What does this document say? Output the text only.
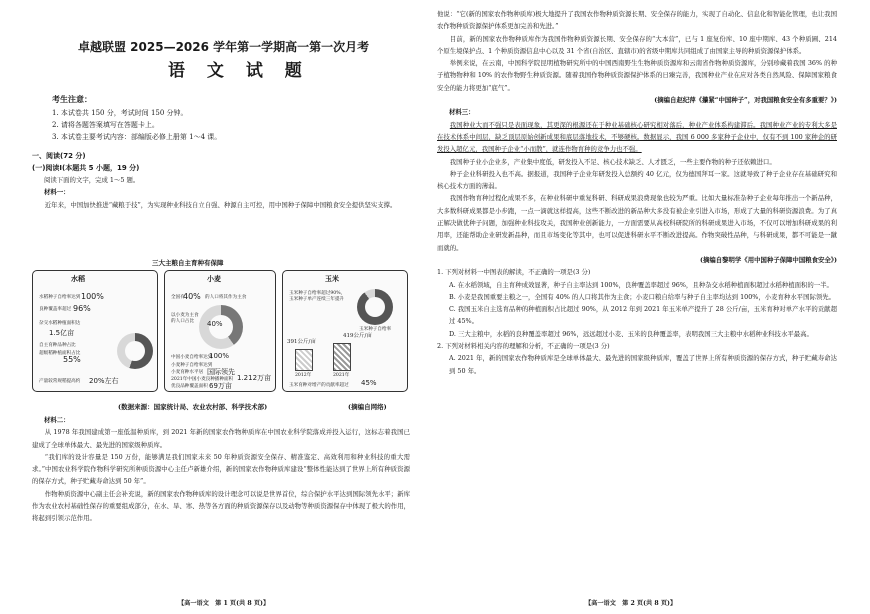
卓越联盟 2025—2026 学年第一学期高一第一次月考
语 文 试 题
考生注意：
1. 本试卷共 150 分，考试时间 150 分钟。
2. 请将各题答案填写在答题卡上。
3. 本试卷主要考试内容：部编版必修上册第 1～4 课。
一、阅读(72 分)
(一)阅读Ⅰ(本题共 5 小题，19 分)
阅读下面的文字，完成 1～5 题。
材料一：

近年来，中国加快推进“藏粮于技”，为实现种业科技自立自强、种源自主可控，用中国种子保障中国粮食安全提供坚实支撑。

三大主粮自主育种有保障
水稻
水稻种子自给率达到 100%
良种覆盖率超过 96%
杂交水稻种植面积达
1.5亿亩
自主育种品种占比
超级稻种植面积占比
55%
产量较常规稻提高约 20%左右
小麦
全国有
40% 的人口将其作为主食
以小麦为主食的人口占比	40%
中国小麦自给率达到
100%
小麦种子自给率达到
小麦育种水平居 国际领先
2021年中国小麦良种播种面积 1.212万亩
优良品种覆盖面积 69万亩
玉米
玉米种子自给率超过90%，玉米种子单产连续三年提升
玉米种子自给率
391公斤/亩
419公斤/亩
2012年	2021年
玉米育种对增产的贡献率超过 45%
(数据来源：国家统计局、农业农村部、科学技术部)	(摘编自网络)
材料二：

从 1978 年我国建成第一座低温种质库，到 2021 年新的国家农作物种质库在中国农业科学院落成并投入运行，这标志着我国已建成了全球单体最大、最先进的国家级种质库。

“我们库的设计容量是 150 万份，能够满足我们国家未来 50 年种质资源安全保存、精准鉴定、高效利用和种业科技的重大需求。”中国农业科学院作物科学研究所种质资源中心主任卢新雄介绍，新的国家农作物种质库建设“整体性能达到了世界上所有种质资源的保存方式，种子贮藏寿命达到 50 年”。

作物种质资源中心副主任会补充说，新的国家农作物种质库的设计理念可以说是世界首位，综合保护水平达到国际领先水平；新库作为农业农村基础性保存的重要组成部分，在水、旱、寒、热等各方面的种质资源保存以及动物等种质资源保存中体现了极大的作用，将起到引领示范作用。

【高一语文　第 1 页(共 8 页)】
他说：“它(新的国家农作物种质库)极大地提升了我国农作物种质资源长期、安全保存的能力，实现了自动化、信息化和智能化管理，也让我国农作物种质资源保护体系更加完善和先进。”

目前，新的国家农作物种质库作为我国作物种质资源长期、安全保存的“大本营”，已与 1 座复份库、10 座中期库、43 个种质圃、214 个原生境保护点、1 个种质资源信息中心以及 31 个省(自治区、直辖市)的省级中期库共同组成了由国家主导的种质资源保护体系。

举例来说，在云南，中国科学院昆明植物研究所中的中国西南野生生物种质资源库和云南省作物种质资源库，分别珍藏着我国 36% 的种子植物物种和 10% 的农作物野生种质资源。随着我国作物种质资源保护体系的日臻完善，我国种业产业在应对各类自然风险、保障国家粮食安全的能力将更加“底气”。

(摘编自赵纪萍《攥紧“中国种子”，对我国粮食安全有多重要？》)
材料三：

我国种业大而不强只是表面现象，其更深的根源还在于种业基础核心研究相对落后，种业产业体系构建滞后。我国种业产业的专利大多是在技术体系中间层，缺乏顶层原始创新成果和底层落地技术，不够硬核。数据显示，我国 6 000 多家种子企业中，仅有不到 100 家种企的研发投入超亿元，我国种子企业“小而散”，就连作物育种的竞争力也不强。

我国种子业小企业多，产业集中度低，研发投入不足、核心技术缺乏、人才匮乏，一些主要作物的种子还依赖进口。

种子企业科研投入也不高。据报道，我国种子企业年研发投入总额约 40 亿元，仅为德国拜耳一家。这就导致了种子企业存在基础研究和核心技术方面的薄弱。

我国作物育种过程化成果不多，在种业科研中重复科研、科研成果浪费现象也较为严重。比如大量标准杂种子企业每年推出一个新品种，大多数科研成果都是小步跑，一点一滴就这样提高，这些不断改进的新品种大多没有被企业引进入市场，形成了大量的科研资源浪费。为了真正解决做优种子问题，加强种业科技攻关，我国种业创新能力，一方面需要从高校科研院所的科研成果进入市场，不仅可以增加科研成果的利用率，还能帮助企业研发新品种，而且市场变化等其中，也可以促进科研水平不断改进提高。作物突破性品种，与科研成果，都不可能是一蹴而就的。

(摘编自黎明学《用中国种子保障中国粮食安全》)
1. 下列对材料一中图表的解读，不正确的一项是(3 分)
A. 在水稻领域，自主育种成效显著，种子自主率达到 100%，良种覆盖率超过 96%，且种杂交水稻种植面积超过水稻种植面积的一半。
B. 小麦是我国重要主粮之一，全国有 40% 的人口将其作为主食；小麦口粮自给率与种子自主率均达到 100%，小麦育种水平国际领先。
C. 我国玉米自主选育品种的种植面积占比超过 90%，从 2012 年到 2021 年玉米单产提升了 28 公斤/亩，玉米育种对单产水平的贡献超过 45%。
D. 三大主粮中，水稻的良种覆盖率超过 96%，远远超过小麦、玉米的良种覆盖率，表明我国三大主粮中水稻种业科技水平最高。
2. 下列对材料相关内容的理解和分析，不正确的一项是(3 分)
A. 2021 年，新的国家农作物种质库是全球单体最大、最先进的国家级种质库，覆盖了世界上所有种质资源的保存方式，种子贮藏寿命达到 50 年。
【高一语文　第 2 页(共 8 页)】
